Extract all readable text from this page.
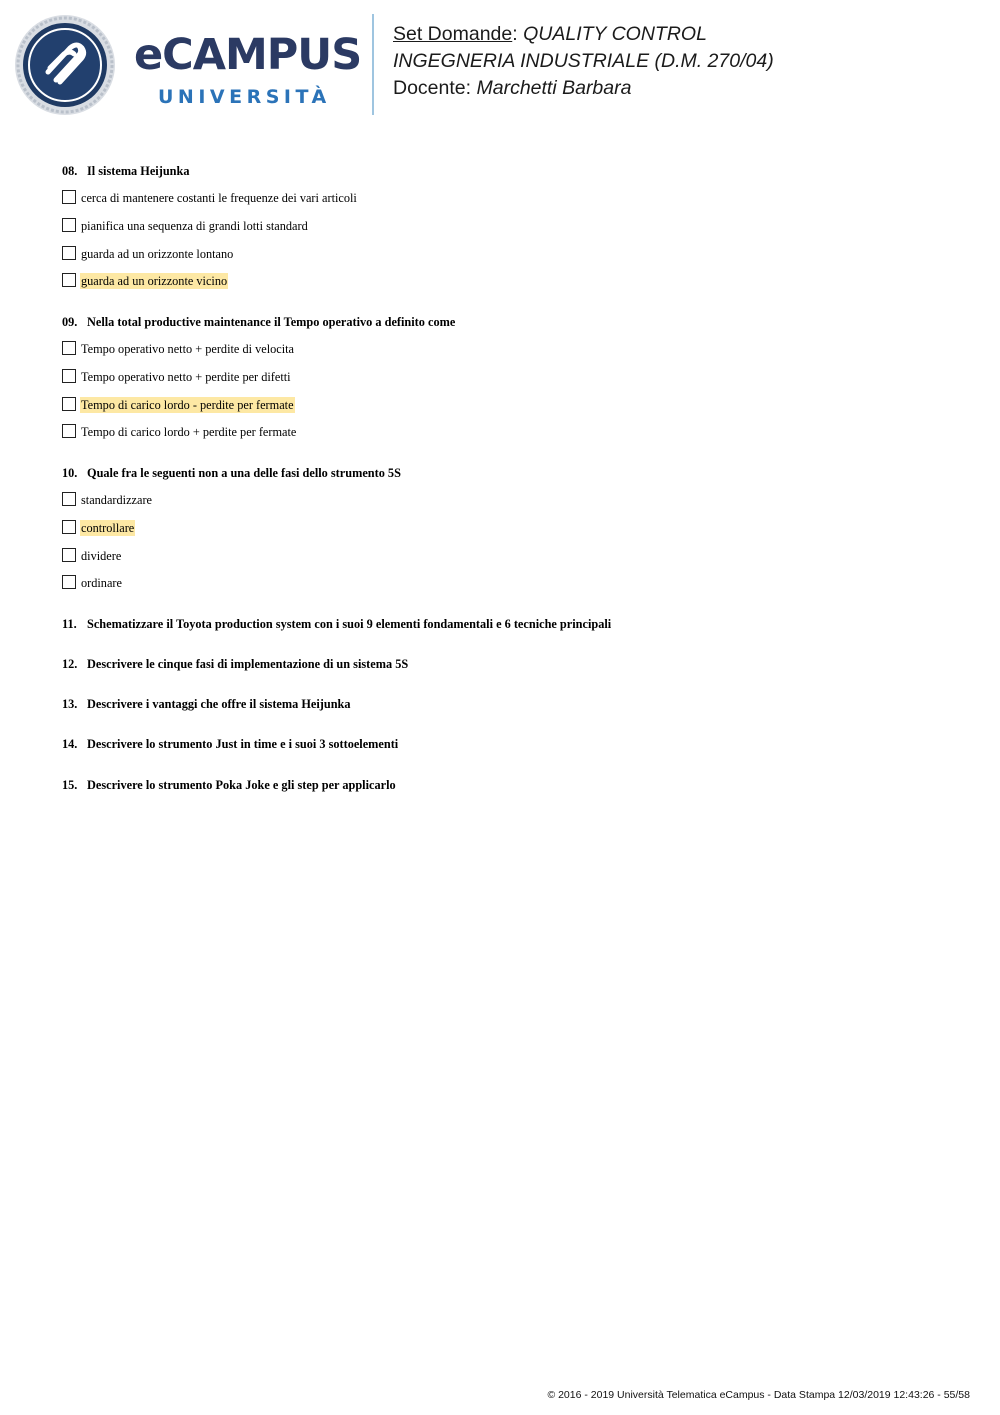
eCAMPUS
UNIVERSITÀ
Set Domande: QUALITY CONTROL
INGEGNERIA INDUSTRIALE (D.M. 270/04)
Docente: Marchetti Barbara
08. Il sistema Heijunka
cerca di mantenere costanti le frequenze dei vari articoli
pianifica una sequenza di grandi lotti standard
guarda ad un orizzonte lontano
guarda ad un orizzonte vicino
09. Nella total productive maintenance il Tempo operativo a definito come
Tempo operativo netto + perdite di velocita
Tempo operativo netto + perdite per difetti
Tempo di carico lordo - perdite per fermate
Tempo di carico lordo + perdite per fermate
10. Quale fra le seguenti non a una delle fasi dello strumento 5S
standardizzare
controllare
dividere
ordinare
11. Schematizzare il Toyota production system con i suoi 9 elementi fondamentali e 6 tecniche principali
12. Descrivere le cinque fasi di implementazione di un sistema 5S
13. Descrivere i vantaggi che offre il sistema Heijunka
14. Descrivere lo strumento Just in time e i suoi 3 sottoelementi
15. Descrivere lo strumento Poka Joke e gli step per applicarlo
© 2016 - 2019 Università Telematica eCampus - Data Stampa 12/03/2019 12:43:26 - 55/58
